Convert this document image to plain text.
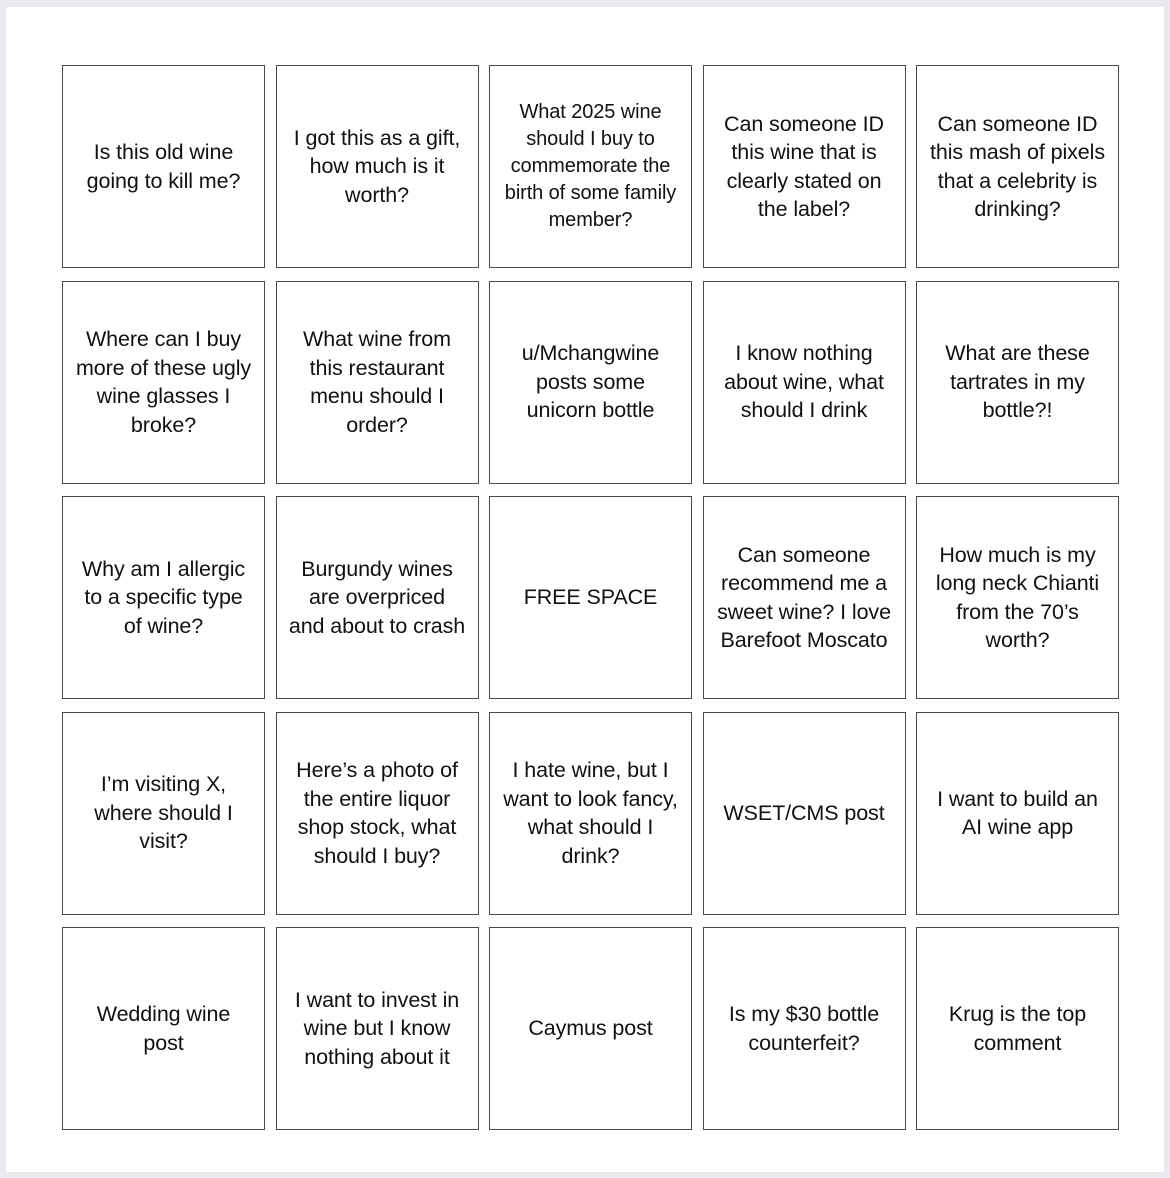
Is this old wine going to kill me?
I got this as a gift, how much is it worth?
What 2025 wine should I buy to commemorate the birth of some family member?
Can someone ID this wine that is clearly stated on the label?
Can someone ID this mash of pixels that a celebrity is drinking?
Where can I buy more of these ugly wine glasses I broke?
What wine from this restaurant menu should I order?
u/Mchangwine posts some unicorn bottle
I know nothing about wine, what should I drink
What are these tartrates in my bottle?!
Why am I allergic to a specific type of wine?
Burgundy wines are overpriced and about to crash
FREE SPACE
Can someone recommend me a sweet wine? I love Barefoot Moscato
How much is my long neck Chianti from the 70’s worth?
I’m visiting X, where should I visit?
Here’s a photo of the entire liquor shop stock, what should I buy?
I hate wine, but I want to look fancy, what should I drink?
WSET/CMS post
I want to build an AI wine app
Wedding wine post
I want to invest in wine but I know nothing about it
Caymus post
Is my $30 bottle counterfeit?
Krug is the top comment
